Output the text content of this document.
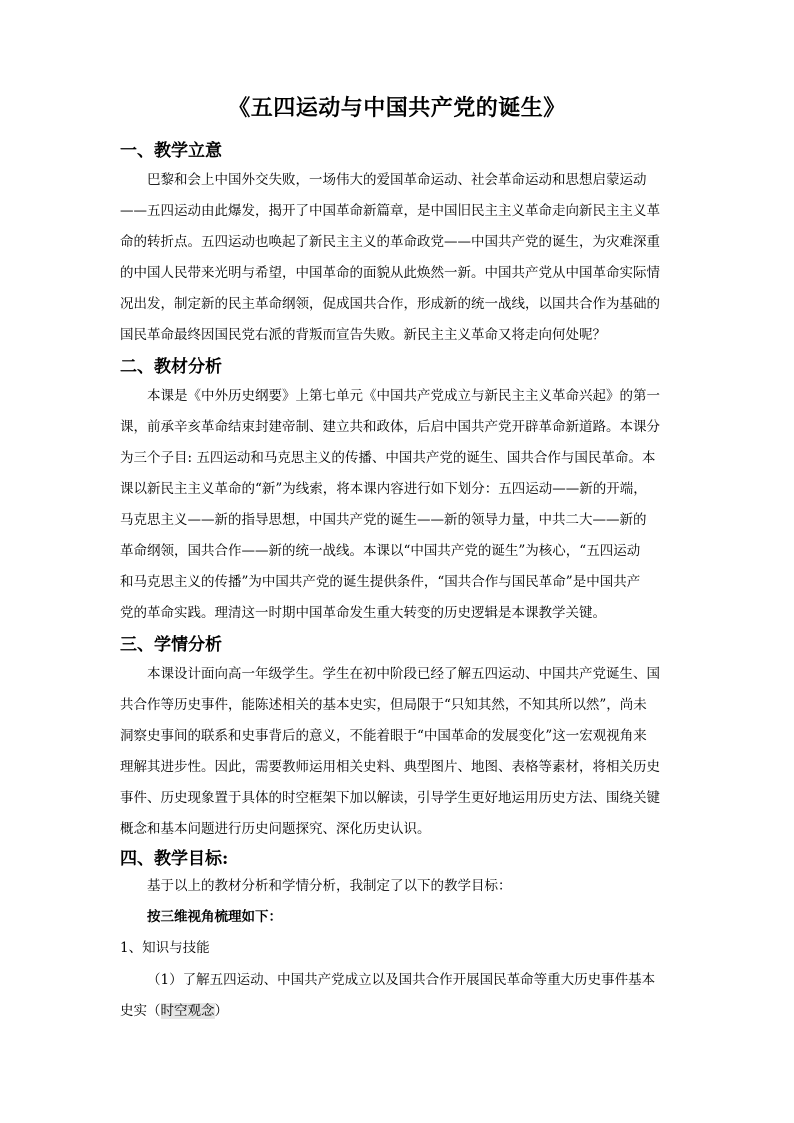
《五四运动与中国共产党的诞生》
一、教学立意
巴黎和会上中国外交失败，一场伟大的爱国革命运动、社会革命运动和思想启蒙运动
——五四运动由此爆发，揭开了中国革命新篇章，是中国旧民主主义革命走向新民主主义革
命的转折点。五四运动也唤起了新民主主义的革命政党——中国共产党的诞生，为灾难深重
的中国人民带来光明与希望，中国革命的面貌从此焕然一新。中国共产党从中国革命实际情
况出发，制定新的民主革命纲领，促成国共合作，形成新的统一战线，以国共合作为基础的
国民革命最终因国民党右派的背叛而宣告失败。新民主主义革命又将走向何处呢？
二、教材分析
本课是《中外历史纲要》上第七单元《中国共产党成立与新民主主义革命兴起》的第一
课，前承辛亥革命结束封建帝制、建立共和政体，后启中国共产党开辟革命新道路。本课分
为三个子目: 五四运动和马克思主义的传播、中国共产党的诞生、国共合作与国民革命。本
课以新民主主义革命的“新”为线索，将本课内容进行如下划分：五四运动——新的开端，
马克思主义——新的指导思想，中国共产党的诞生——新的领导力量，中共二大——新的
革命纲领，国共合作——新的统一战线。本课以“中国共产党的诞生”为核心，“五四运动
和马克思主义的传播”为中国共产党的诞生提供条件，“国共合作与国民革命”是中国共产
党的革命实践。理清这一时期中国革命发生重大转变的历史逻辑是本课教学关键。
三、学情分析
本课设计面向高一年级学生。学生在初中阶段已经了解五四运动、中国共产党诞生、国
共合作等历史事件，能陈述相关的基本史实，但局限于“只知其然，不知其所以然”，尚未
洞察史事间的联系和史事背后的意义，不能着眼于“中国革命的发展变化”这一宏观视角来
理解其进步性。因此，需要教师运用相关史料、典型图片、地图、表格等素材，将相关历史
事件、历史现象置于具体的时空框架下加以解读，引导学生更好地运用历史方法、围绕关键
概念和基本问题进行历史问题探究、深化历史认识。
四、教学目标:
基于以上的教材分析和学情分析，我制定了以下的教学目标：
按三维视角梳理如下：
1、知识与技能
（1）了解五四运动、中国共产党成立以及国共合作开展国民革命等重大历史事件基本
史实（时空观念）
